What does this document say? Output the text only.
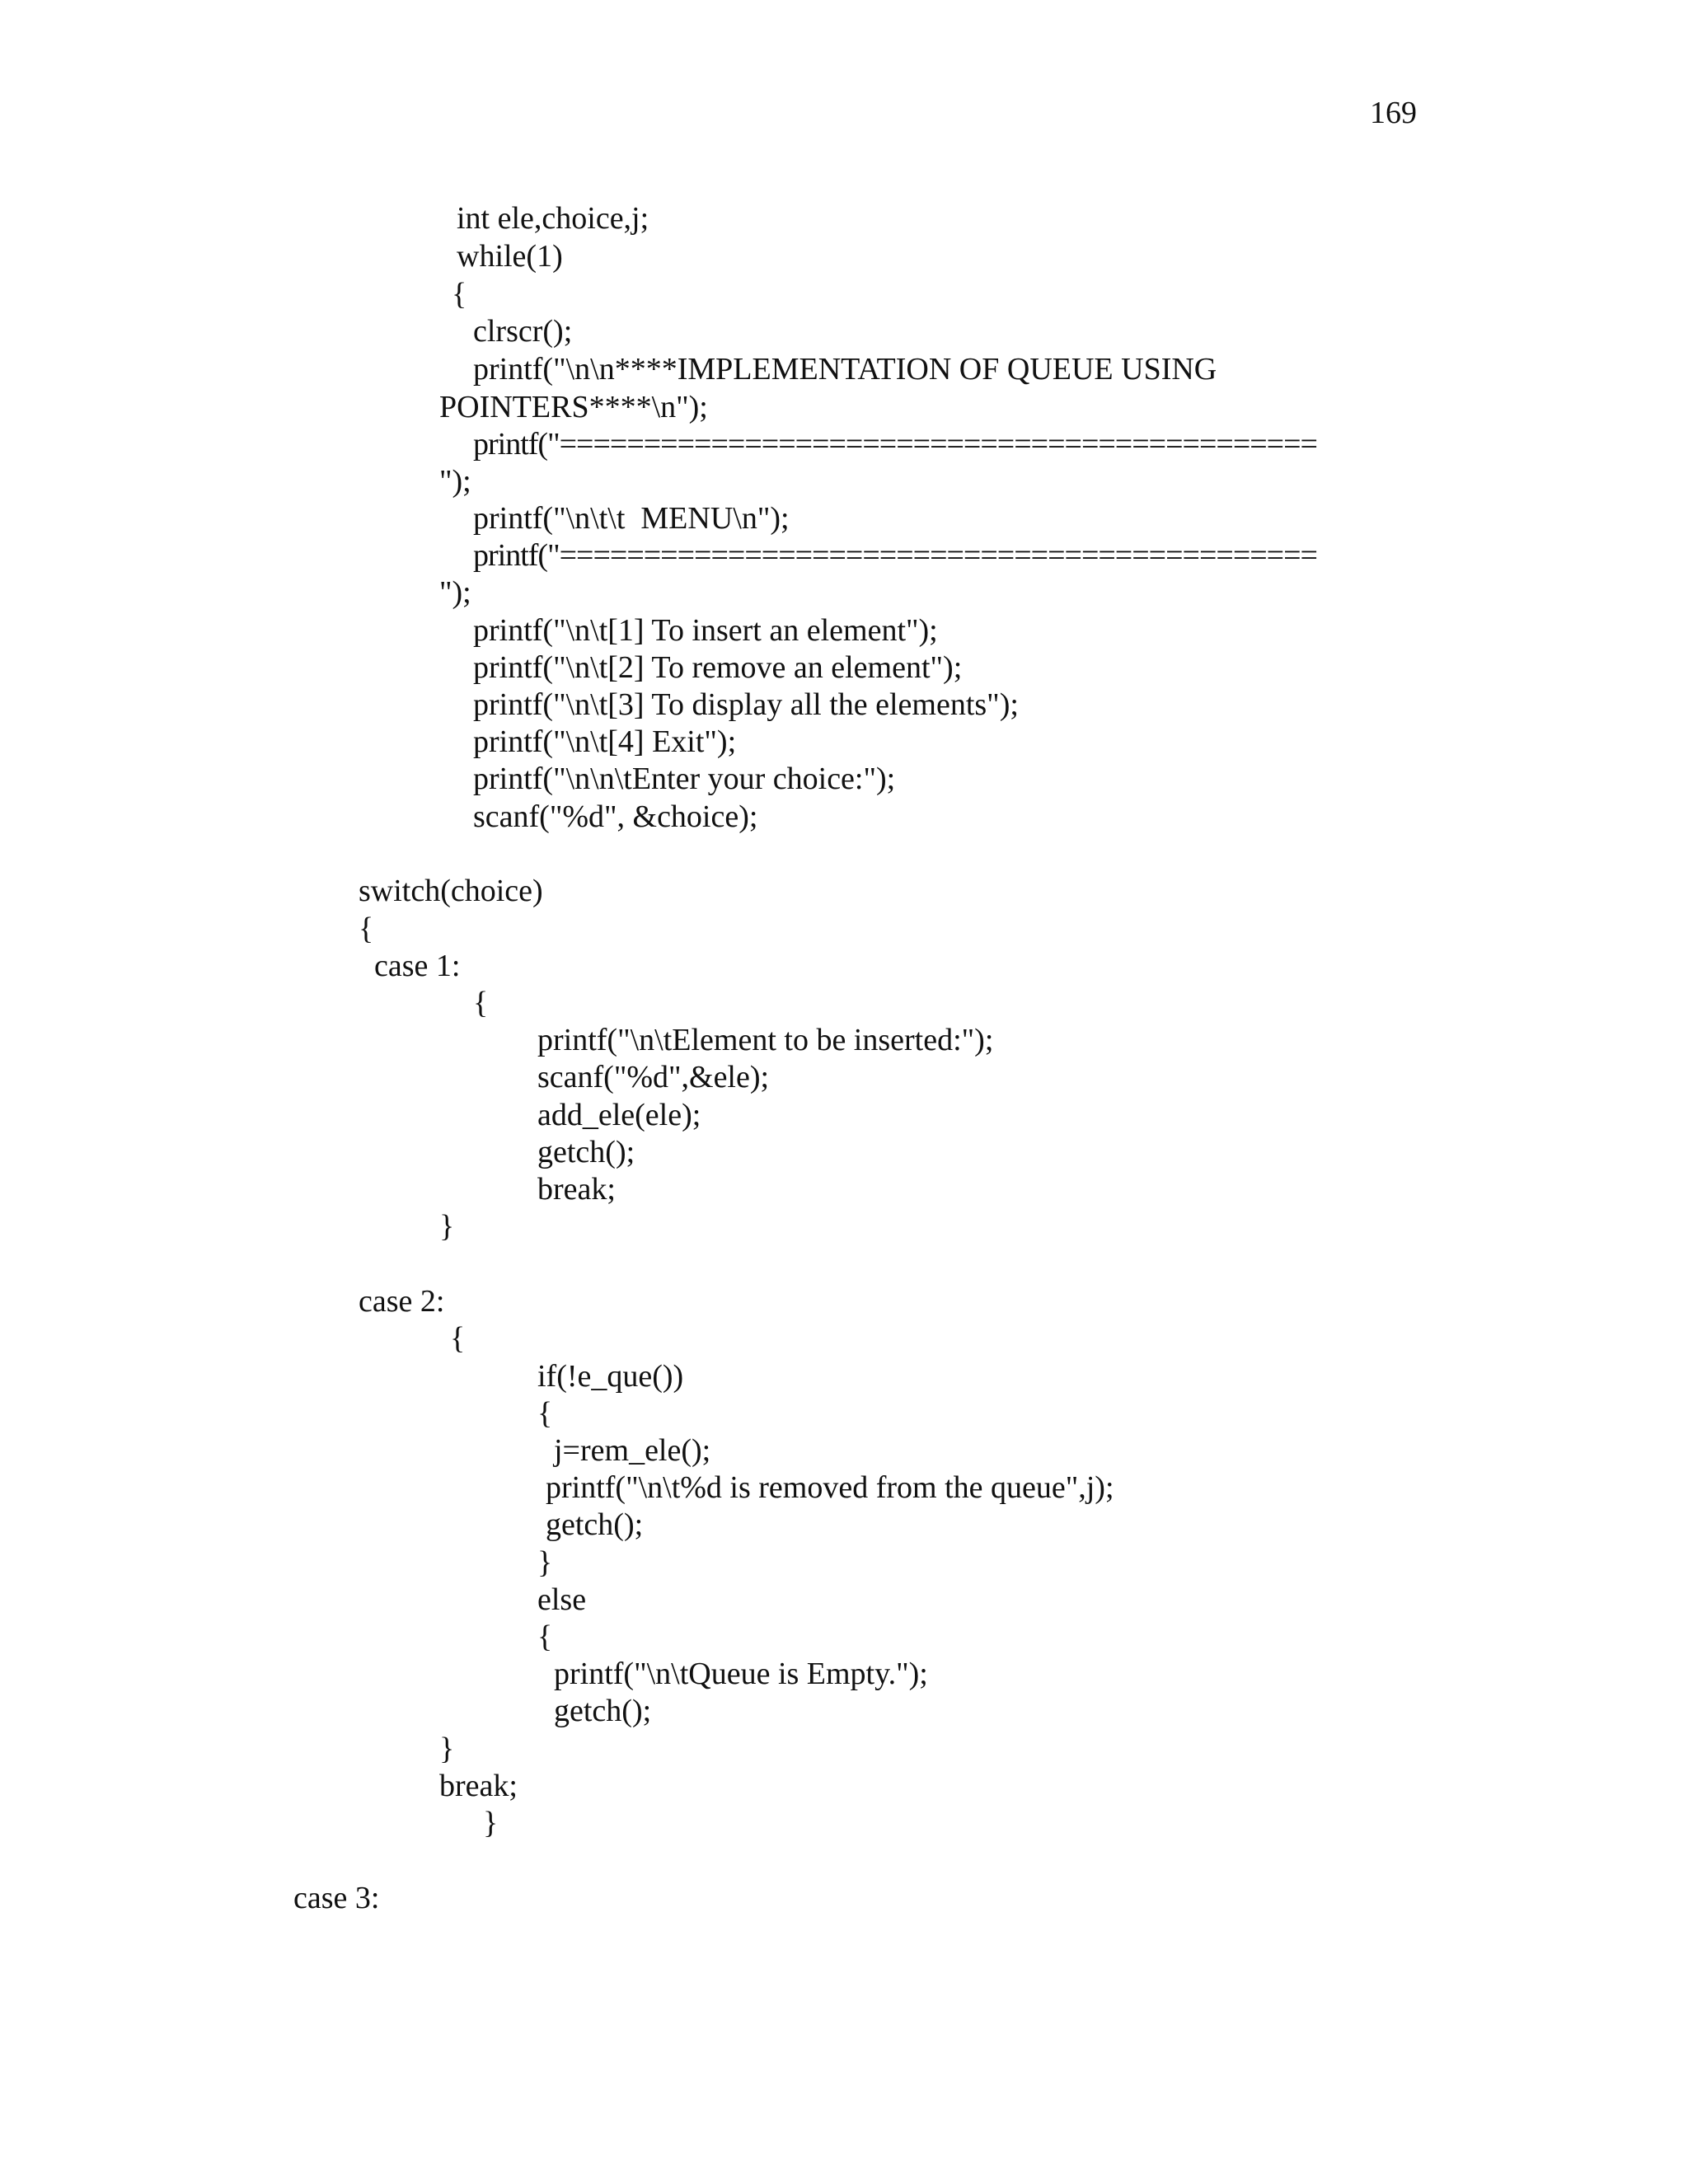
169
int ele,choice,j;
while(1)
{
clrscr();
printf("\n\n****IMPLEMENTATION OF QUEUE USING
POINTERS****\n");
printf("=============================================
");
printf("\n\t\t  MENU\n");
printf("=============================================
");
printf("\n\t[1] To insert an element");
printf("\n\t[2] To remove an element");
printf("\n\t[3] To display all the elements");
printf("\n\t[4] Exit");
printf("\n\n\tEnter your choice:");
scanf("%d", &choice);
switch(choice)
{
case 1:
{
printf("\n\tElement to be inserted:");
scanf("%d",&ele);
add_ele(ele);
getch();
break;
}
case 2:
{
if(!e_que())
{
j=rem_ele();
printf("\n\t%d is removed from the queue",j);
getch();
}
else
{
printf("\n\tQueue is Empty.");
getch();
}
break;
}
case 3:
